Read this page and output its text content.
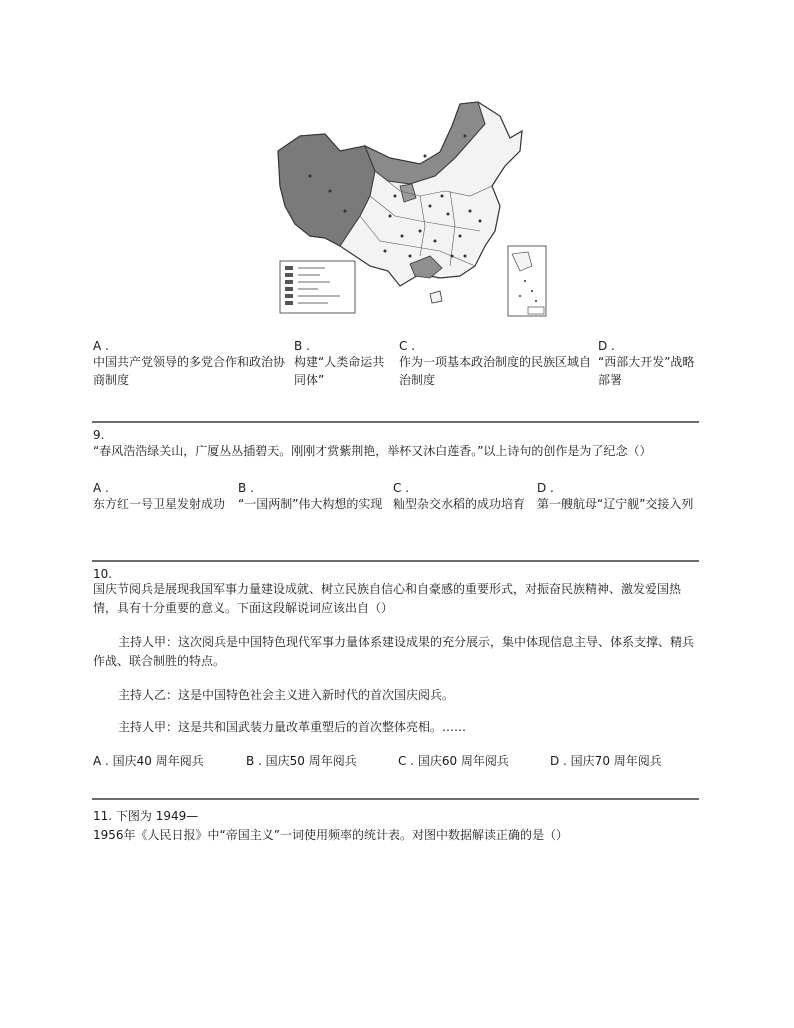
A .
中国共产党领导的多党合作和政治协商制度
B .
构建“人类命运共同体”
C .
作为一项基本政治制度的民族区域自治制度
D .
“西部大开发”战略部署
9.
“春风浩浩绿关山，广厦丛丛插碧天。刚刚才赏紫荆艳，举杯又沐白莲香。”以上诗句的创作是为了纪念（）
A .
东方红一号卫星发射成功
B .
“一国两制”伟大构想的实现
C .
籼型杂交水稻的成功培育
D .
第一艘航母“辽宁舰”交接入列
10.
国庆节阅兵是展现我国军事力量建设成就、树立民族自信心和自豪感的重要形式，对振奋民族精神、激发爱国热情，具有十分重要的意义。下面这段解说词应该出自（）
主持人甲：这次阅兵是中国特色现代军事力量体系建设成果的充分展示，集中体现信息主导、体系支撑、精兵作战、联合制胜的特点。
主持人乙：这是中国特色社会主义进入新时代的首次国庆阅兵。
主持人甲：这是共和国武装力量改革重塑后的首次整体亮相。……
A . 国庆40 周年阅兵	B . 国庆50 周年阅兵	C . 国庆60 周年阅兵	D . 国庆70 周年阅兵
11. 下图为 1949—
1956年《人民日报》中“帝国主义”一词使用频率的统计表。对图中数据解读正确的是（）
